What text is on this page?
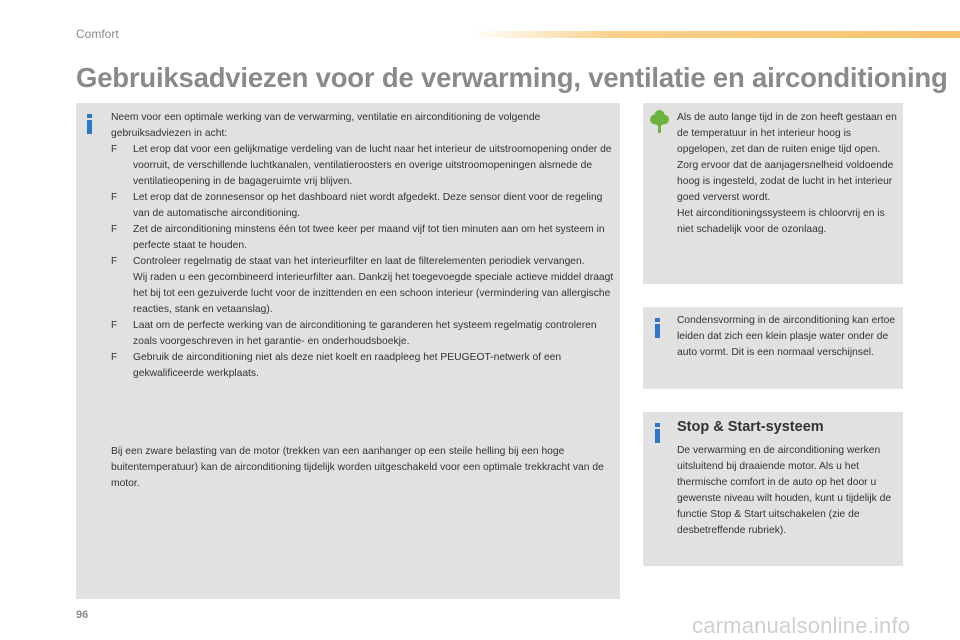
Comfort
Gebruiksadviezen voor de verwarming, ventilatie en airconditioning

Neem voor een optimale werking van de verwarming, ventilatie en airconditioning de volgende gebruiksadviezen in acht:

F Let erop dat voor een gelijkmatige verdeling van de lucht naar het interieur de uitstroomopening onder de voorruit, de verschillende luchtkanalen, ventilatieroosters en overige uitstroomopeningen alsmede de ventilatieopening in de bagageruimte vrij blijven.
F Let erop dat de zonnesensor op het dashboard niet wordt afgedekt. Deze sensor dient voor de regeling van de automatische airconditioning.
F Zet de airconditioning minstens één tot twee keer per maand vijf tot tien minuten aan om het systeem in perfecte staat te houden.
F Controleer regelmatig de staat van het interieurfilter en laat de filterelementen periodiek vervangen.
Wij raden u een gecombineerd interieurfilter aan. Dankzij het toegevoegde speciale actieve middel draagt het bij tot een gezuiverde lucht voor de inzittenden en een schoon interieur (vermindering van allergische reacties, stank en vetaanslag).
F Laat om de perfecte werking van de airconditioning te garanderen het systeem regelmatig controleren zoals voorgeschreven in het garantie- en onderhoudsboekje.
F Gebruik de airconditioning niet als deze niet koelt en raadpleeg het PEUGEOT-netwerk of een gekwalificeerde werkplaats.

Bij een zware belasting van de motor (trekken van een aanhanger op een steile helling bij een hoge buitentemperatuur) kan de airconditioning tijdelijk worden uitgeschakeld voor een optimale trekkracht van de motor.

Als de auto lange tijd in de zon heeft gestaan en de temperatuur in het interieur hoog is opgelopen, zet dan de ruiten enige tijd open.

Zorg ervoor dat de aanjagersnelheid voldoende hoog is ingesteld, zodat de lucht in het interieur goed ververst wordt.

Het airconditioningssysteem is chloorvrij en is niet schadelijk voor de ozonlaag.

Condensvorming in de airconditioning kan ertoe leiden dat zich een klein plasje water onder de auto vormt. Dit is een normaal verschijnsel.

Stop & Start-systeem

De verwarming en de airconditioning werken uitsluitend bij draaiende motor. Als u het thermische comfort in de auto op het door u gewenste niveau wilt houden, kunt u tijdelijk de functie Stop & Start uitschakelen (zie de desbetreffende rubriek).

96	carmanualsonline.info
